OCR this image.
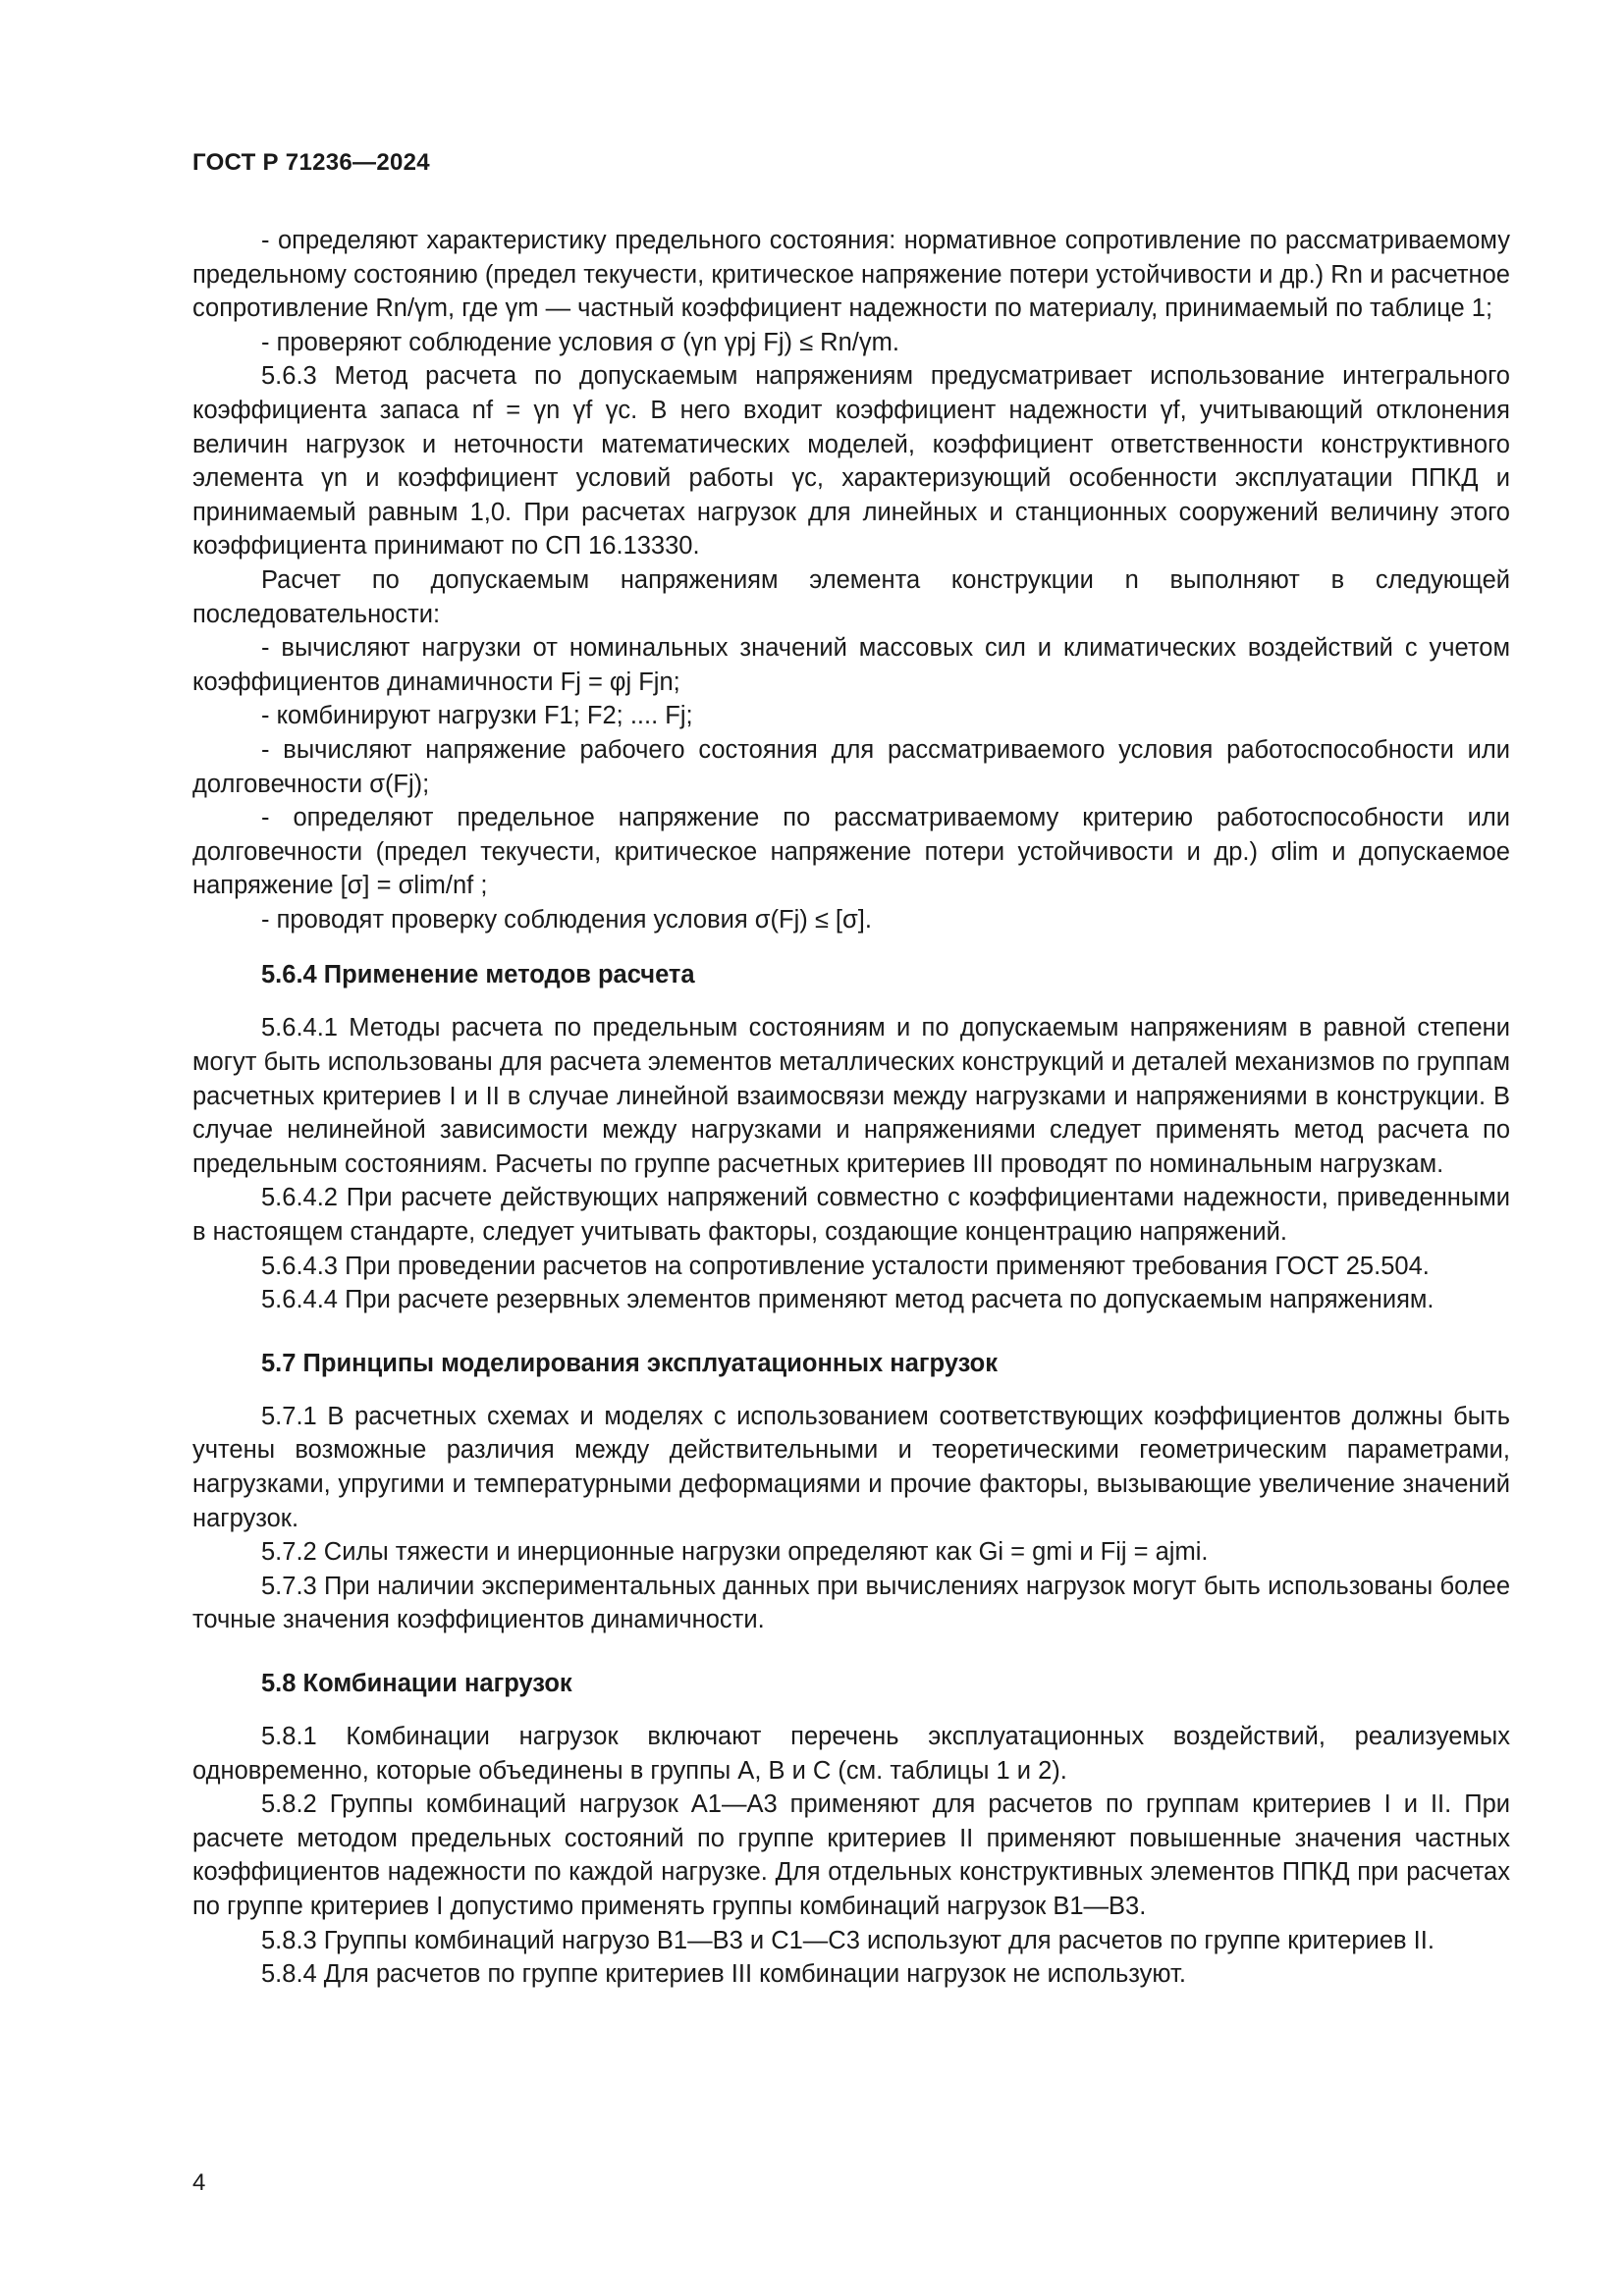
ГОСТ Р 71236—2024

- определяют характеристику предельного состояния: нормативное сопротивление по рассматриваемому предельному состоянию (предел текучести, критическое напряжение потери устойчивости и др.) Rn и расчетное сопротивление Rn/γm, где γm — частный коэффициент надежности по материалу, принимаемый по таблице 1;

- проверяют соблюдение условия σ (γn γpj Fj) ≤ Rn/γm.

5.6.3 Метод расчета по допускаемым напряжениям предусматривает использование интегрального коэффициента запаса nf = γn γf γc. В него входит коэффициент надежности γf, учитывающий отклонения величин нагрузок и неточности математических моделей, коэффициент ответственности конструктивного элемента γn и коэффициент условий работы γc, характеризующий особенности эксплуатации ППКД и принимаемый равным 1,0. При расчетах нагрузок для линейных и станционных сооружений величину этого коэффициента принимают по СП 16.13330.

Расчет по допускаемым напряжениям элемента конструкции n выполняют в следующей последовательности:

- вычисляют нагрузки от номинальных значений массовых сил и климатических воздействий с учетом коэффициентов динамичности Fj = φj Fjn;

- комбинируют нагрузки F1; F2; .... Fj;

- вычисляют напряжение рабочего состояния для рассматриваемого условия работоспособности или долговечности σ(Fj);

- определяют предельное напряжение по рассматриваемому критерию работоспособности или долговечности (предел текучести, критическое напряжение потери устойчивости и др.) σlim и допускаемое напряжение [σ] = σlim/nf ;

- проводят проверку соблюдения условия σ(Fj) ≤ [σ].

5.6.4 Применение методов расчета

5.6.4.1 Методы расчета по предельным состояниям и по допускаемым напряжениям в равной степени могут быть использованы для расчета элементов металлических конструкций и деталей механизмов по группам расчетных критериев I и II в случае линейной взаимосвязи между нагрузками и напряжениями в конструкции. В случае нелинейной зависимости между нагрузками и напряжениями следует применять метод расчета по предельным состояниям. Расчеты по группе расчетных критериев III проводят по номинальным нагрузкам.

5.6.4.2 При расчете действующих напряжений совместно с коэффициентами надежности, приведенными в настоящем стандарте, следует учитывать факторы, создающие концентрацию напряжений.

5.6.4.3 При проведении расчетов на сопротивление усталости применяют требования ГОСТ 25.504.

5.6.4.4 При расчете резервных элементов применяют метод расчета по допускаемым напряжениям.

5.7 Принципы моделирования эксплуатационных нагрузок

5.7.1 В расчетных схемах и моделях с использованием соответствующих коэффициентов должны быть учтены возможные различия между действительными и теоретическими геометрическим параметрами, нагрузками, упругими и температурными деформациями и прочие факторы, вызывающие увеличение значений нагрузок.

5.7.2 Силы тяжести и инерционные нагрузки определяют как Gi = gmi и Fij = ajmi.

5.7.3 При наличии экспериментальных данных при вычислениях нагрузок могут быть использованы более точные значения коэффициентов динамичности.

5.8 Комбинации нагрузок

5.8.1 Комбинации нагрузок включают перечень эксплуатационных воздействий, реализуемых одновременно, которые объединены в группы А, В и С (см. таблицы 1 и 2).

5.8.2 Группы комбинаций нагрузок А1—А3 применяют для расчетов по группам критериев I и II. При расчете методом предельных состояний по группе критериев II применяют повышенные значения частных коэффициентов надежности по каждой нагрузке. Для отдельных конструктивных элементов ППКД при расчетах по группе критериев I допустимо применять группы комбинаций нагрузок В1—В3.

5.8.3 Группы комбинаций нагрузо В1—В3 и С1—С3 используют для расчетов по группе критериев II.

5.8.4 Для расчетов по группе критериев III комбинации нагрузок не используют.

4
